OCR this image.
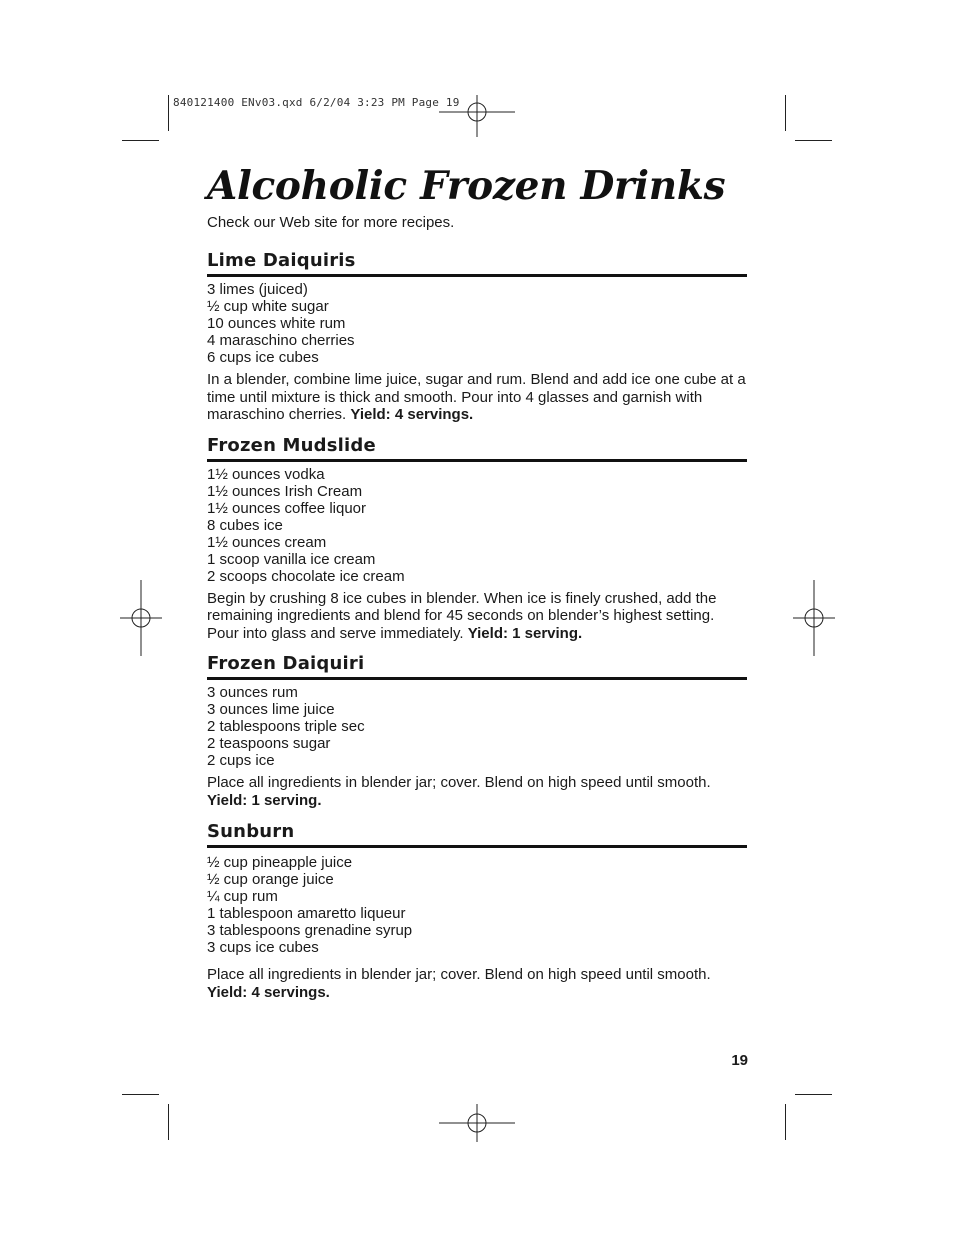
840121400 ENv03.qxd 6/2/04 3:23 PM Page 19
Alcoholic Frozen Drinks
Check our Web site for more recipes.
Lime Daiquiris
3 limes (juiced)
½ cup white sugar
10 ounces white rum
4 maraschino cherries
6 cups ice cubes

In a blender, combine lime juice, sugar and rum. Blend and add ice one cube at a time until mixture is thick and smooth. Pour into 4 glasses and garnish with maraschino cherries. Yield: 4 servings.

Frozen Mudslide
1½ ounces vodka
1½ ounces Irish Cream
1½ ounces coffee liquor
8 cubes ice
1½ ounces cream
1 scoop vanilla ice cream
2 scoops chocolate ice cream

Begin by crushing 8 ice cubes in blender. When ice is finely crushed, add the remaining ingredients and blend for 45 seconds on blender’s highest setting. Pour into glass and serve immediately. Yield: 1 serving.

Frozen Daiquiri
3 ounces rum
3 ounces lime juice
2 tablespoons triple sec
2 teaspoons sugar
2 cups ice

Place all ingredients in blender jar; cover. Blend on high speed until smooth.
Yield: 1 serving.

Sunburn
½ cup pineapple juice
½ cup orange juice
¼ cup rum
1 tablespoon amaretto liqueur
3 tablespoons grenadine syrup
3 cups ice cubes

Place all ingredients in blender jar; cover. Blend on high speed until smooth.
Yield: 4 servings.

19
